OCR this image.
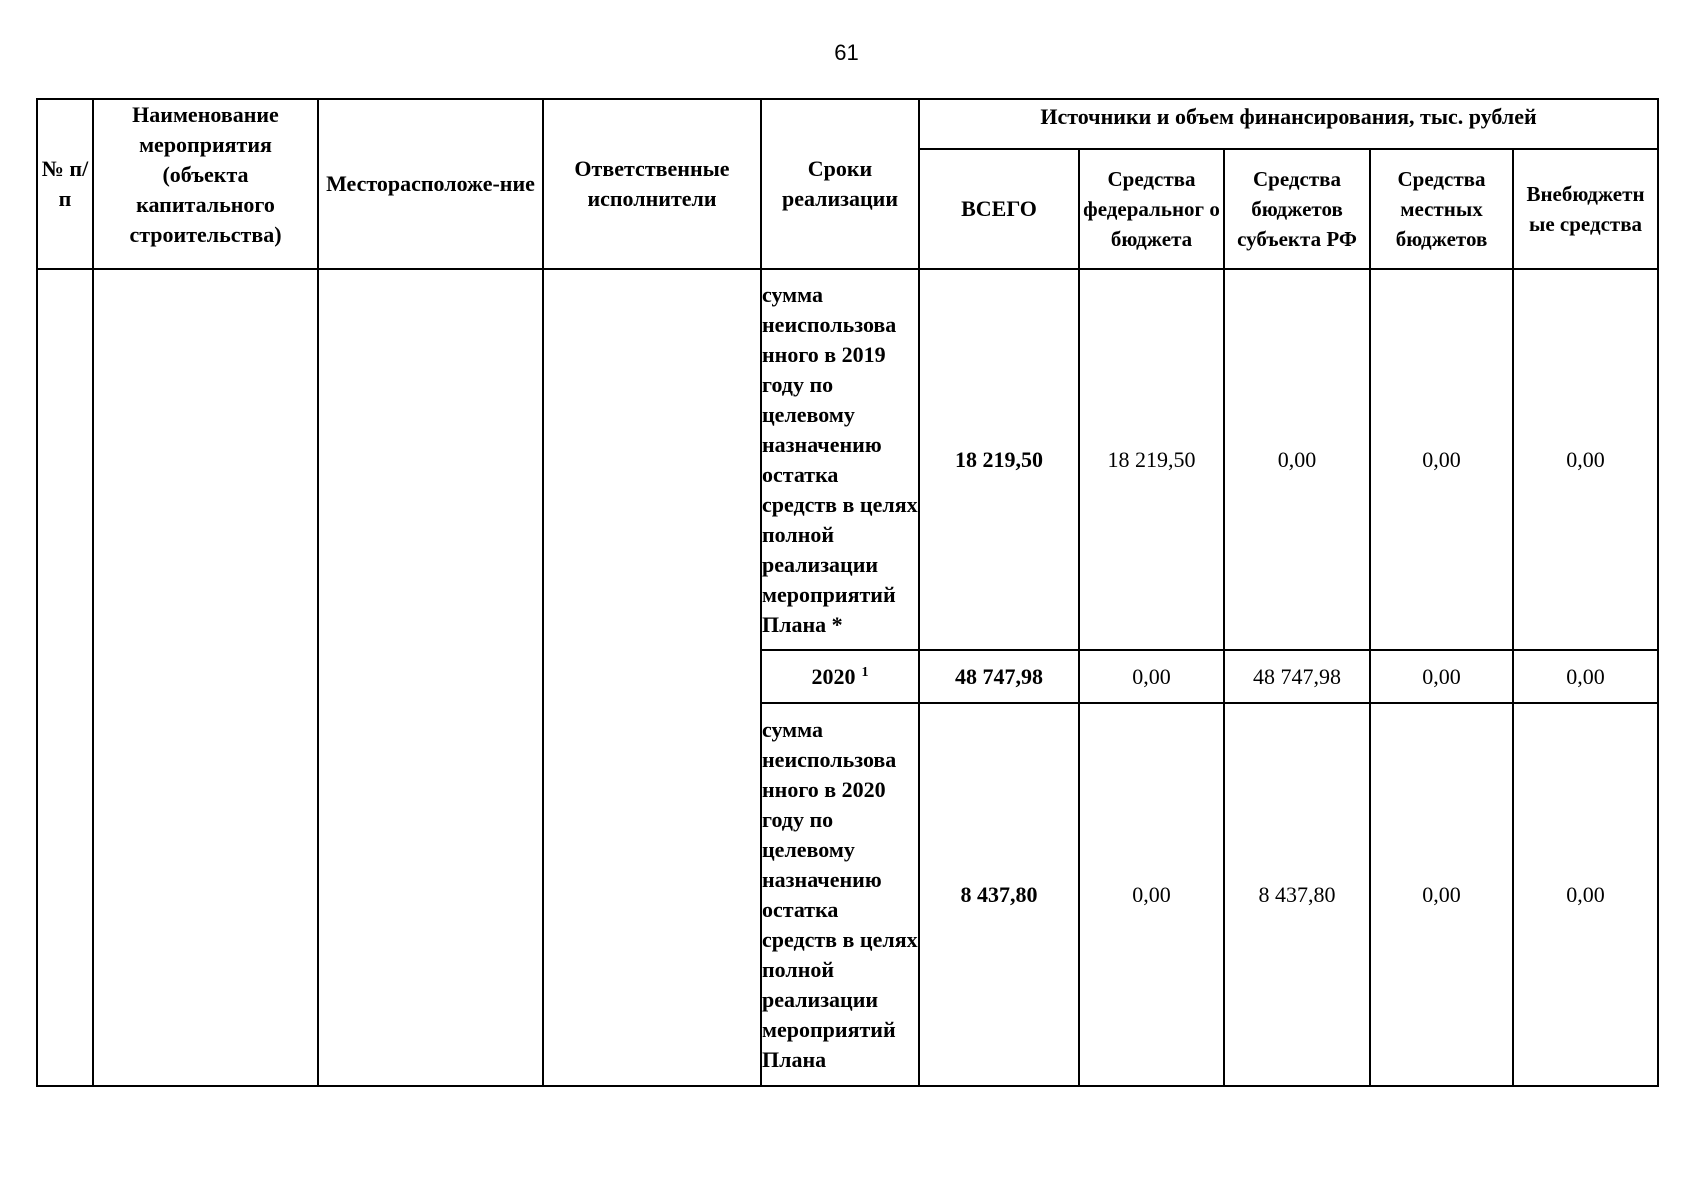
61
№ п/п	Наименование мероприятия (объекта капитального строительства)	Месторасположе-ние	Ответственные исполнители	Сроки реализации	Источники и объем финансирования, тыс. рублей				
					ВСЕГО	Средства федеральног о бюджета	Средства бюджетов субъекта РФ	Средства местных бюджетов	Внебюджетн ые средства
				сумма неиспользова нного в 2019 году по целевому назначению остатка средств в целях полной реализации мероприятий Плана *	18 219,50	18 219,50	0,00	0,00	0,00
				2020 $^1$	48 747,98	0,00	48 747,98	0,00	0,00
				сумма неиспользова нного в 2020 году по целевому назначению остатка средств в целях полной реализации мероприятий Плана	8 437,80	0,00	8 437,80	0,00	0,00
